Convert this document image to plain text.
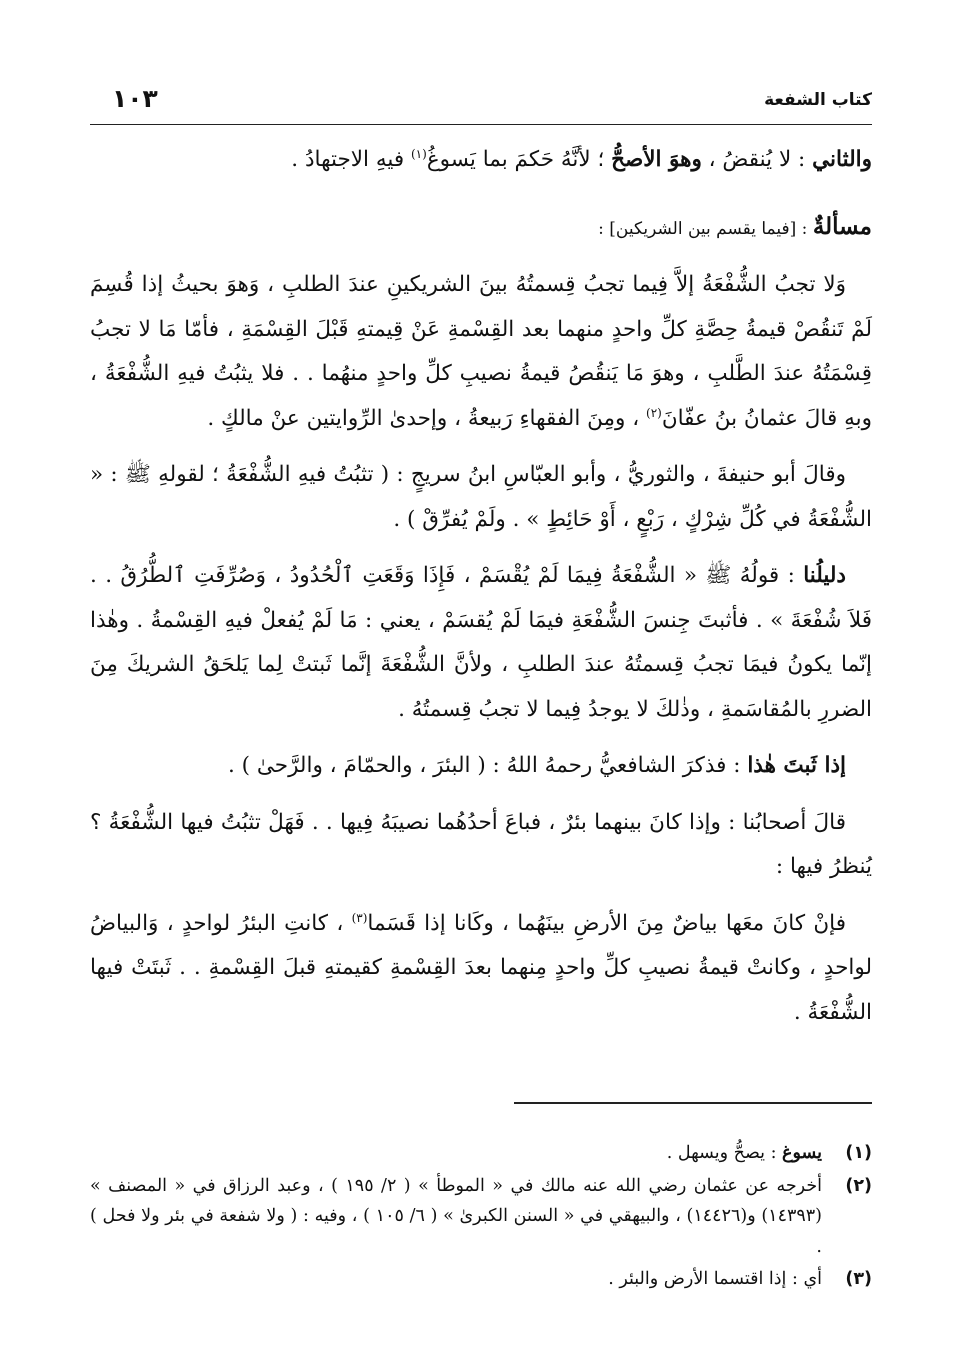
كتاب الشفعة
١٠٣

والثاني : لا يُنقضُ ، وهوَ الأصحُّ ؛ لأنَّهُ حَكمَ بما يَسوغُ$^{(١)}$ فيهِ الاجتهادُ .

مسألةٌ : [فيما يقسم بين الشريكين] :

وَلا تجبُ الشُّفْعَةُ إلاَّ فِيما تجبُ قِسمتُهُ بينَ الشريكينِ عندَ الطلبِ ، وَهوَ بحيثُ إذا قُسِمَ لَمْ تَنقُصْ قيمةُ حِصَّةِ كلِّ واحدٍ منهما بعد القِسْمةِ عَنْ قِيمتهِ قَبْلَ القِسْمَةِ ، فأمّا مَا لا تجبُ قِسْمَتُهُ عندَ الطَّلبِ ، وهوَ مَا يَنقُصُ قيمةُ نصيبِ كلِّ واحدٍ منهُما . . فلا يثبُتُ فيهِ الشُّفْعَةُ ، وبهِ قالَ عثمانُ بنُ عفّانَ$^{(٢)}$ ، ومِنَ الفقهاءِ رَبيعةُ ، وإحدىٰ الرِّوايتين عنْ مالكٍ .

وقالَ أبو حنيفةَ ، والثوريُّ ، وأبو العبّاسِ ابنُ سريجٍ : ( تثبُتُ فيهِ الشُّفْعَةُ ؛ لقولهِ ﷺ : « الشُّفْعَةُ في كُلِّ شِرْكٍ ، رَبْعٍ ، أَوْ حَائِطٍ » . ولَمْ يُفرِّقْ ) .

دليلُنا : قولُهُ ﷺ « الشُّفْعَةُ فِيمَا لَمْ يُقْسَمْ ، فَإِذَا وَقَعَتِ ٱلْحُدُودُ ، وَصُرِّفَتِ ٱلطُّرُقُ . . فَلاَ شُفْعَةَ » . فأثبتَ جِنسَ الشُّفْعَةِ فيمَا لَمْ يُقسَمْ ، يعني : مَا لَمْ يُفعلْ فيهِ القِسْمةُ . وهٰذا إنّما يكونُ فيمَا تجبُ قِسمتُهُ عندَ الطلبِ ، ولأنَّ الشُّفْعَةَ إنَّما ثَبتتْ لِما يَلحَقُ الشريكَ مِنَ الضررِ بالمُقاسَمةِ ، وذٰلكَ لا يوجدُ فِيما لا تجبُ قِسمتُهُ .

إذا ثَبتَ هٰذا : فذكرَ الشافعيُّ رحمهُ اللهُ : ( البئرَ ، والحمّامَ ، والرَّحىٰ ) .

قالَ أصحابُنا : وإذا كانَ بينهما بئرٌ ، فباعَ أحدُهُما نصيبَهُ فِيها . . فَهَلْ تثبُتُ فيها الشُّفْعَةُ ؟ يُنظرُ فيها :

فإنْ كانَ معَها بياضٌ مِنَ الأرضِ بينَهُما ، وكَانا إذا قَسَما$^{(٣)}$ ، كانتِ البئرُ لواحدٍ ، وَالبياضُ لواحدٍ ، وكانتْ قيمةُ نصيبِ كلِّ واحدٍ مِنهما بعدَ القِسْمةِ كقيمتهِ قبلَ القِسْمةِ . . ثَبتَتْ فيها الشُّفْعَةُ .

(١)
يسوغ : يصحُّ ويسهل .
(٢)
أخرجه عن عثمان رضي الله عنه مالك في « الموطأ » ( ٢/ ١٩٥ ) ، وعبد الرزاق في « المصنف » (١٤٣٩٣) و(١٤٤٢٦) ، والبيهقي في « السنن الكبرىٰ » ( ٦/ ١٠٥ ) ، وفيه : ( ولا شفعة في بئر ولا فحل ) .
(٣)
أي : إذا اقتسما الأرض والبئر .
